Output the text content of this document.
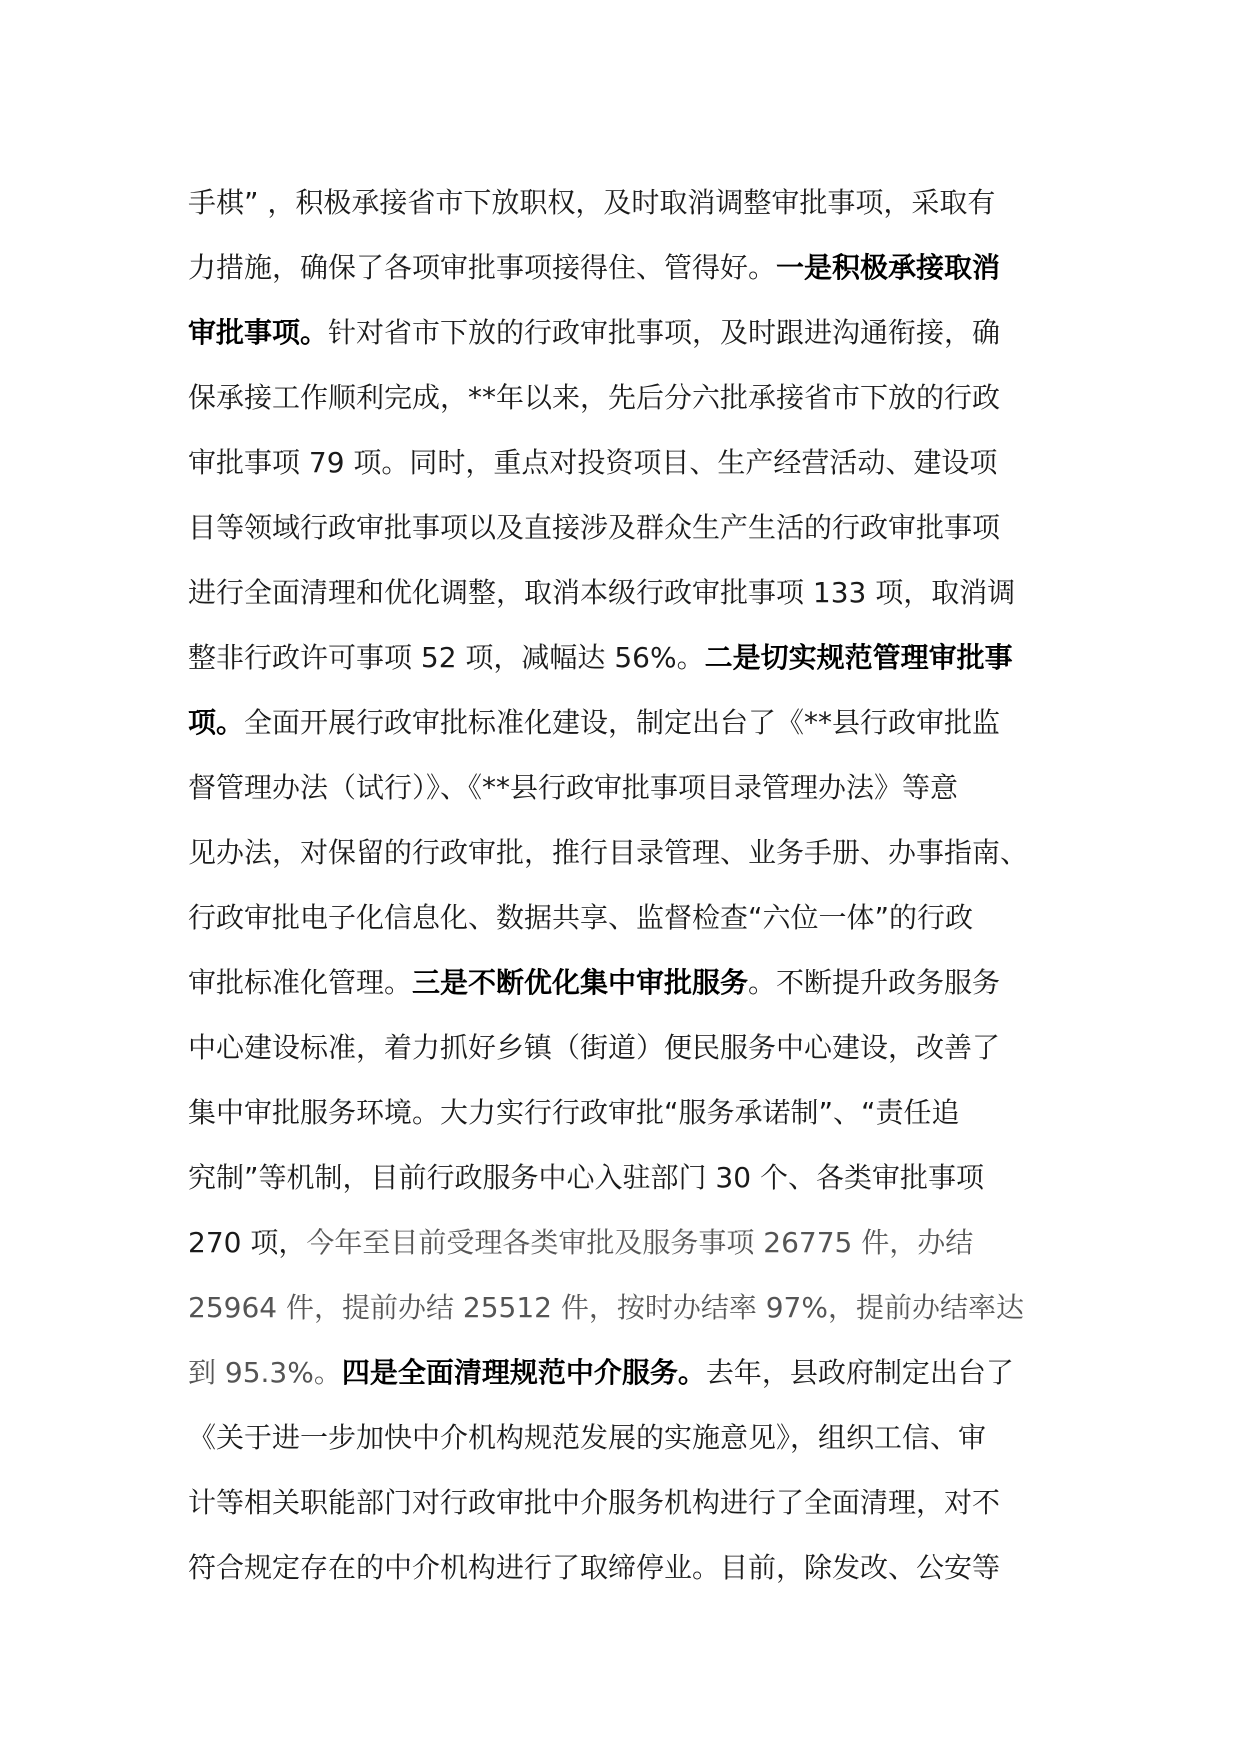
手棋” ，积极承接省市下放职权，及时取消调整审批事项，采取有
力措施，确保了各项审批事项接得住、管得好。一是积极承接取消
审批事项。针对省市下放的行政审批事项，及时跟进沟通衔接，确
保承接工作顺利完成，**年以来，先后分六批承接省市下放的行政
审批事项 79 项。同时，重点对投资项目、生产经营活动、建设项
目等领域行政审批事项以及直接涉及群众生产生活的行政审批事项
进行全面清理和优化调整，取消本级行政审批事项 133 项，取消调
整非行政许可事项 52 项，减幅达 56%。二是切实规范管理审批事
项。全面开展行政审批标准化建设，制定出台了《**县行政审批监
督管理办法（试行）》、《**县行政审批事项目录管理办法》等意
见办法，对保留的行政审批，推行目录管理、业务手册、办事指南、
行政审批电子化信息化、数据共享、监督检查“六位一体”的行政
审批标准化管理。三是不断优化集中审批服务。不断提升政务服务
中心建设标准，着力抓好乡镇（街道）便民服务中心建设，改善了
集中审批服务环境。大力实行行政审批“服务承诺制”、“责任追
究制”等机制，目前行政服务中心入驻部门 30 个、各类审批事项
270 项，今年至目前受理各类审批及服务事项 26775 件，办结
25964 件，提前办结 25512 件，按时办结率 97%，提前办结率达
到 95.3%。四是全面清理规范中介服务。去年，县政府制定出台了
《关于进一步加快中介机构规范发展的实施意见》，组织工信、审
计等相关职能部门对行政审批中介服务机构进行了全面清理，对不
符合规定存在的中介机构进行了取缔停业。目前，除发改、公安等
